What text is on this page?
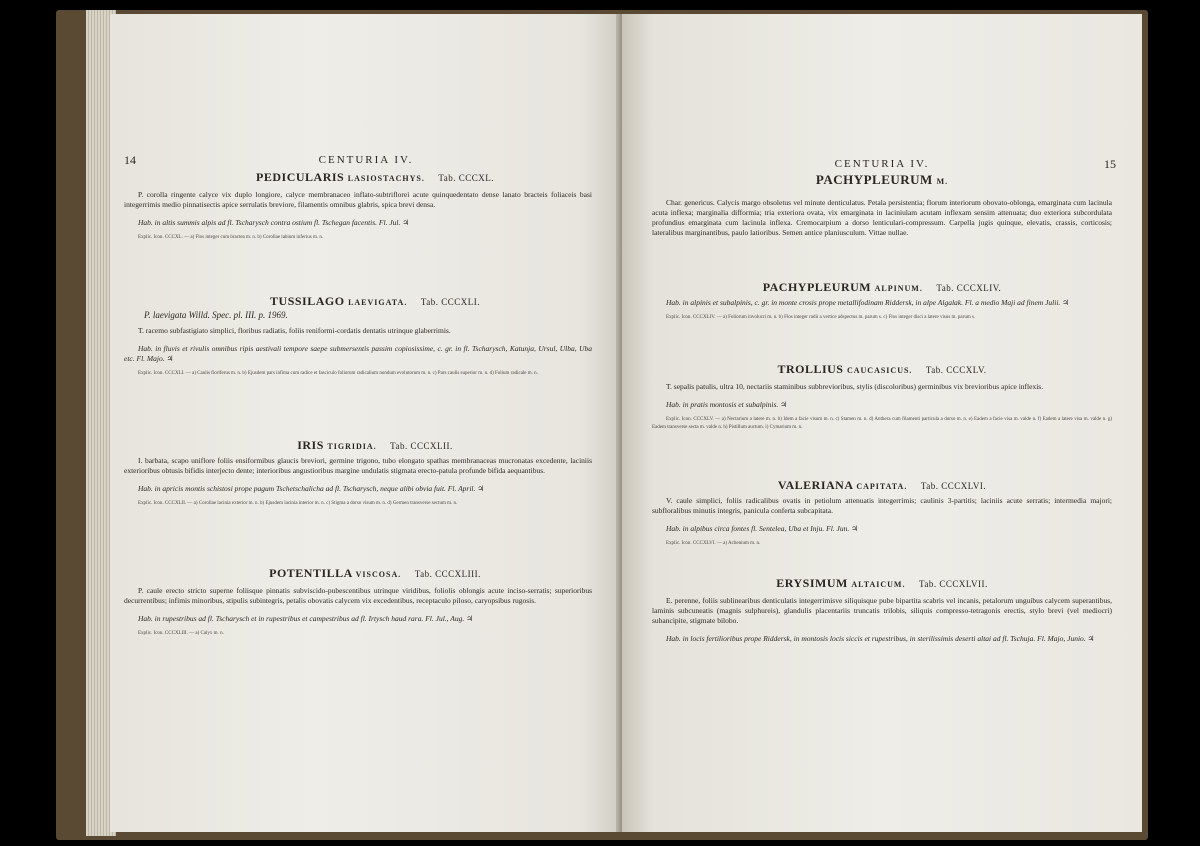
14	CENTURIA IV.
PEDICULARIS LASIOSTACHYS. Tab. CCCXL.

P. corolla ringente calyce vix duplo longiore, calyce membranaceo inflato-subtriflorei acute quinquedentato dense lanato bracteis foliaceis basi integerrimis medio pinnatisectis apice serrulatis breviore, filamentis omnibus glabris, spica brevi densa.

Hab. in altis summis alpis ad fl. Tscharysch contra ostium fl. Tschegan facentis. Fl. Jul. ♃

Explic. Icon. CCCXL. — a) Flos integer cum bractea m. n. b) Corollae labium inferius m. n.

TUSSILAGO LAEVIGATA. Tab. CCCXLI.

P. laevigata Willd. Spec. pl. III. p. 1969.

T. racemo subfastigiato simplici, floribus radiatis, foliis reniformi-cordatis dentatis utrinque glaberrimis.

Hab. in fluvis et rivulis omnibus ripis aestivali tempore saepe submersentis passim copiosissime, c. gr. in fl. Tscharysch, Katunja, Ursul, Ulba, Uba etc. Fl. Majo. ♃

Explic. Icon. CCCXLI. — a) Caulis floriferus m. n. b) Ejusdem pars infima cum radice et fasciculo foliorum radicalium nondum evolutorum m. n. c) Pars caulis superior m. n. d) Folium radicale m. n.

IRIS TIGRIDIA. Tab. CCCXLII.

I. barbata, scapo uniflore foliis ensiformibus glaucis breviori, germine trigono, tubo elongato spathas membranaceas mucronatas excedente, laciniis exterioribus obtusis bifidis interjecto dente; interioribus angustioribus margine undulatis stigmata erecto-patula profunde bifida aequantibus.

Hab. in apricis montis schistosi prope pagum Tschetschalicha ad fl. Tscharysch, neque alibi obvia fuit. Fl. April. ♃

Explic. Icon. CCCXLII. — a) Corollae lacinia exterior m. n. b) Ejusdem lacinia interior m. n. c) Stigma a dorso visum m. n. d) Germen transverse sectum m. n.

POTENTILLA VISCOSA. Tab. CCCXLIII.

P. caule erecto stricto superne foliisque pinnatis subviscido-pubescentibus utrinque viridibus, foliolis oblongis acute inciso-serratis; superioribus decurrentibus; infimis minoribus, stipulis subintegris, petalis obovatis calycem vix excedentibus, receptaculo piloso, caryopsibus rugosis.

Hab. in rupestribus ad fl. Tscharysch et in rupestribus et campestribus ad fl. Irtysch haud rara. Fl. Jul., Aug. ♃

Explic. Icon. CCCXLIII. — a) Calyx m. n.

CENTURIA IV.	15
PACHYPLEURUM M.

Char. genericus. Calycis margo obsoletus vel minute denticulatus. Petala persistentia; florum interiorum obovato-oblonga, emarginata cum lacinula acuta inflexa; marginalia difformia; tria exteriora ovata, vix emarginata in laciniulam acutam inflexam sensim attenuata; duo exteriora subcordulata profundius emarginata cum lacinula inflexa. Cremocarpium a dorso lenticulari-compressum. Carpella jugis quinque, elevatis, crassis, corticosis; lateralibus marginantibus, paulo latioribus. Semen antice planiusculum. Vittae nullae.

PACHYPLEURUM ALPINUM. Tab. CCCXLIV.

Hab. in alpinis et subalpinis, c. gr. in monte crosis prope metallifodinam Riddersk, in alpe Algalak. Fl. a medio Maji ad finem Julii. ♃

Explic. Icon. CCCXLIV. — a) Foliorum involucri m. n. b) Flos integer radii a vertice adspectus m. parum s. c) Flos integer disci a latere visus m. parum s.

TROLLIUS CAUCASICUS. Tab. CCCXLV.

T. sepalis patulis, ultra 10, nectariis staminibus subbrevioribus, stylis (discoloribus) germinibus vix brevioribus apice inflexis.

Hab. in pratis montosis et subalpinis. ♃

Explic. Icon. CCCXLV. — a) Nectarium a latere m. n. b) Idem a facie visum m. n. c) Stamen m. n. d) Anthera cum filamenti particula a dorso m. n. e) Eadem a facie visa m. valde n. f) Eadem a latere visa m. valde n. g) Eadem transverse secta m. valde n. h) Pistillum auctum. i) Cymarium m. n.

VALERIANA CAPITATA. Tab. CCCXLVI.

V. caule simplici, foliis radicalibus ovatis in petiolum attenuatis integerrimis; caulinis 3-partitis; laciniis acute serratis; intermedia majori; subfloralibus minutis integris, panicula conferta subcapitata.

Hab. in alpibus circa fontes fl. Sentelea, Uba et Inju. Fl. Jun. ♃

Explic. Icon. CCCXLVI. — a) Achenium m. n.

ERYSIMUM ALTAICUM. Tab. CCCXLVII.

E. perenne, foliis sublinearibus denticulatis integerrimisve siliquisque pube bipartita scabris vel incanis, petalorum unguibus calycem superantibus, laminis subcuneatis (magnis sulphureis), glandulis placentariis truncatis trilobis, siliquis compresso-tetragonis erectis, stylo brevi (vel mediocri) subancipite, stigmate bilobo.

Hab. in locis fertilioribus prope Riddersk, in montosis locis siccis et rupestribus, in sterilissimis deserti altai ad fl. Tschuja. Fl. Majo, Junio. ♃
